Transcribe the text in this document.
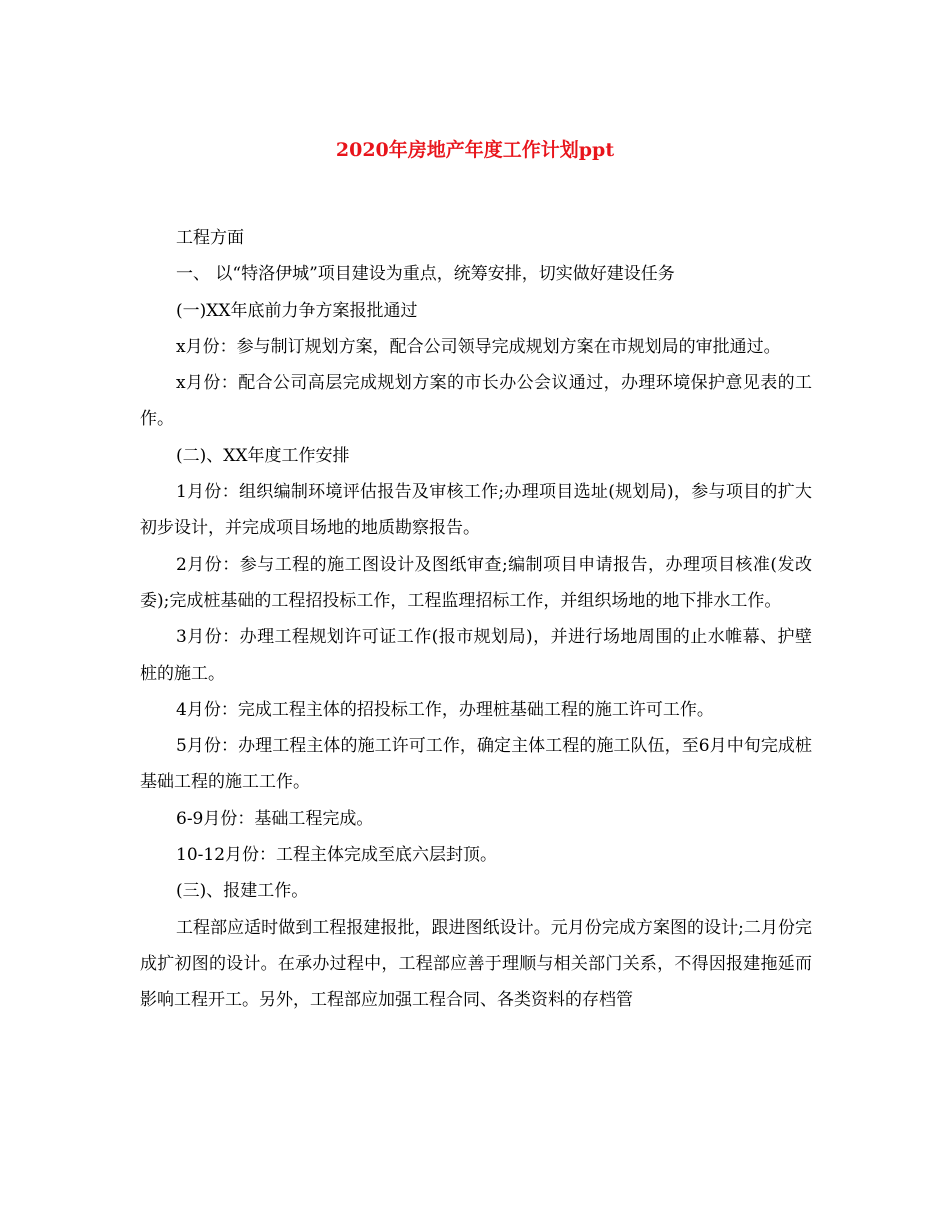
2020年房地产年度工作计划ppt

工程方面

一、 以“特洛伊城”项目建设为重点，统筹安排，切实做好建设任务

(一)XX年底前力争方案报批通过

x月份：参与制订规划方案，配合公司领导完成规划方案在市规划局的审批通过。

x月份：配合公司高层完成规划方案的市长办公会议通过，办理环境保护意见表的工作。

(二)、XX年度工作安排

1月份：组织编制环境评估报告及审核工作;办理项目选址(规划局)，参与项目的扩大初步设计，并完成项目场地的地质勘察报告。

2月份：参与工程的施工图设计及图纸审查;编制项目申请报告，办理项目核准(发改委);完成桩基础的工程招投标工作，工程监理招标工作，并组织场地的地下排水工作。

3月份：办理工程规划许可证工作(报市规划局)，并进行场地周围的止水帷幕、护壁桩的施工。

4月份：完成工程主体的招投标工作，办理桩基础工程的施工许可工作。

5月份：办理工程主体的施工许可工作，确定主体工程的施工队伍，至6月中旬完成桩基础工程的施工工作。

6-9月份：基础工程完成。

10-12月份：工程主体完成至底六层封顶。

(三)、报建工作。

工程部应适时做到工程报建报批，跟进图纸设计。元月份完成方案图的设计;二月份完成扩初图的设计。在承办过程中，工程部应善于理顺与相关部门关系，不得因报建拖延而影响工程开工。另外，工程部应加强工程合同、各类资料的存档管
